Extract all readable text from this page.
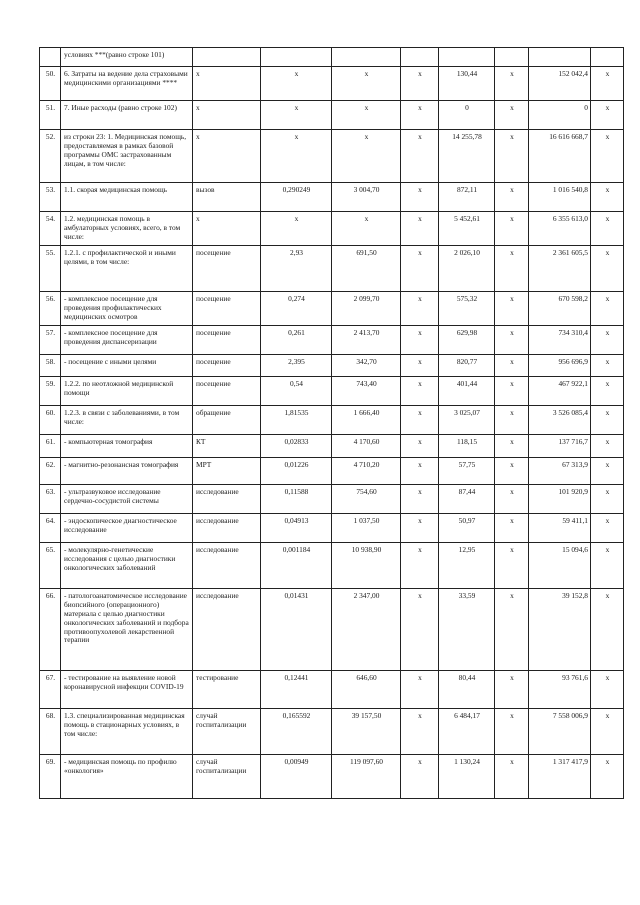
	условиях ***(равно строке 101)								
50.	6. Затраты на ведение дела страховыми медицинскими организациями ****	х	х	х	х	130,44	х	152 042,4	х
51.	7. Иные расходы (равно строке 102)	х	х	х	х	0	х	0	х
52.	из строки 23: 1. Медицинская помощь, предоставляемая в рамках базовой программы ОМС застрахованным лицам, в том числе:	х	х	х	х	14 255,78	х	16 616 668,7	х
53.	1.1. скорая медицинская помощь	вызов	0,290249	3 004,70	х	872,11	х	1 016 540,8	х
54.	1.2. медицинская помощь в амбулаторных условиях, всего, в том числе:	х	х	х	х	5 452,61	х	6 355 613,0	х
55.	1.2.1. с профилактической и иными целями, в том числе:	посещение	2,93	691,50	х	2 026,10	х	2 361 605,5	х
56.	- комплексное посещение для проведения профилактических медицинских осмотров	посещение	0,274	2 099,70	х	575,32	х	670 598,2	х
57.	- комплексное посещение для проведения диспансеризации	посещение	0,261	2 413,70	х	629,98	х	734 310,4	х
58.	- посещение с иными целями	посещение	2,395	342,70	х	820,77	х	956 696,9	х
59.	1.2.2. по неотложной медицинской помощи	посещение	0,54	743,40	х	401,44	х	467 922,1	х
60.	1.2.3. в связи с заболеваниями, в том числе:	обращение	1,81535	1 666,40	х	3 025,07	х	3 526 085,4	х
61.	- компьютерная томография	КТ	0,02833	4 170,60	х	118,15	х	137 716,7	х
62.	- магнитно-резонансная томография	МРТ	0,01226	4 710,20	х	57,75	х	67 313,9	х
63.	- ультразвуковое исследование сердечно-сосудистой системы	исследование	0,11588	754,60	х	87,44	х	101 920,9	х
64.	- эндоскопическое диагностическое исследование	исследование	0,04913	1 037,50	х	50,97	х	59 411,1	х
65.	- молекулярно-генетические исследования с целью диагностики онкологических заболеваний	исследование	0,001184	10 938,90	х	12,95	х	15 094,6	х
66.	- патологоанатомическое исследование биопсийного (операционного) материала с целью диагностики онкологических заболеваний и подбора противоопухолевой лекарственной терапии	исследование	0,01431	2 347,00	х	33,59	х	39 152,8	х
67.	- тестирование на выявление новой коронавирусной инфекции COVID-19	тестирование	0,12441	646,60	х	80,44	х	93 761,6	х
68.	1.3. специализированная медицинская помощь в стационарных условиях, в том числе:	случай госпитализации	0,165592	39 157,50	х	6 484,17	х	7 558 006,9	х
69.	- медицинская помощь по профилю «онкология»	случай госпитализации	0,00949	119 097,60	х	1 130,24	х	1 317 417,9	х
